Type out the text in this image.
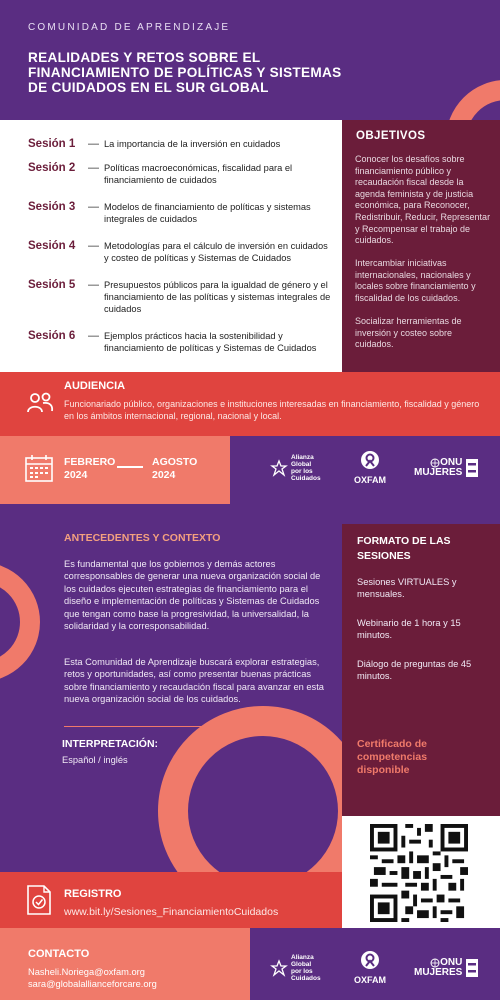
COMUNIDAD DE APRENDIZAJE
REALIDADES Y RETOS SOBRE EL
FINANCIAMIENTO DE POLÍTICAS Y SISTEMAS
DE CUIDADOS EN EL SUR GLOBAL
Sesión 1	— La importancia de la inversión en cuidados
Sesión 2	— Políticas macroeconómicas, fiscalidad para el financiamiento de cuidados
Sesión 3	— Modelos de financiamiento de políticas y sistemas integrales de cuidados
Sesión 4	— Metodologías para el cálculo de inversión en cuidados y costeo de políticas y Sistemas de Cuidados
Sesión 5	— Presupuestos públicos para la igualdad de género y el financiamiento de las políticas y sistemas integrales de cuidados
Sesión 6	— Ejemplos prácticos hacia la sostenibilidad y financiamiento de políticas y Sistemas de Cuidados
OBJETIVOS

Conocer los desafíos sobre financiamiento público y recaudación fiscal desde la agenda feminista y de justicia económica, para Reconocer, Redistribuir, Reducir, Representar y Recompensar el trabajo de cuidados.

Intercambiar iniciativas internacionales, nacionales y locales sobre financiamiento y fiscalidad de los cuidados.

Socializar herramientas de inversión y costeo sobre cuidados.

AUDIENCIA
Funcionariado público, organizaciones e instituciones interesadas en financiamiento, fiscalidad y género en los ámbitos internacional, regional, nacional y local.
FEBRERO
2024
AGOSTO
2024
Alianza
Global
por los
Cuidados	OXFAM
ONU
MUJERES
ANTECEDENTES Y CONTEXTO
Es fundamental que los gobiernos y demás actores corresponsables de generar una nueva organización social de los cuidados ejecuten estrategias de financiamiento para el diseño e implementación de políticas y Sistemas de Cuidados que tengan como base la progresividad, la universalidad, la solidaridad y la corresponsabilidad.
Esta Comunidad de Aprendizaje buscará explorar estrategias, retos y oportunidades, así como presentar buenas prácticas sobre financiamiento y recaudación fiscal para avanzar en esta nueva organización social de los cuidados.
INTERPRETACIÓN:
Español / inglés
FORMATO DE LAS
SESIONES
Sesiones VIRTUALES y mensuales.
Webinario de 1 hora y 15 minutos.
Diálogo de preguntas de 45 minutos.
Certificado de
competencias
disponible
REGISTRO
www.bit.ly/Sesiones_FinanciamientoCuidados
CONTACTO
Nasheli.Noriega@oxfam.org
sara@globalallianceforcare.org
Alianza
Global
por los
Cuidados	OXFAM
ONU
MUJERES
